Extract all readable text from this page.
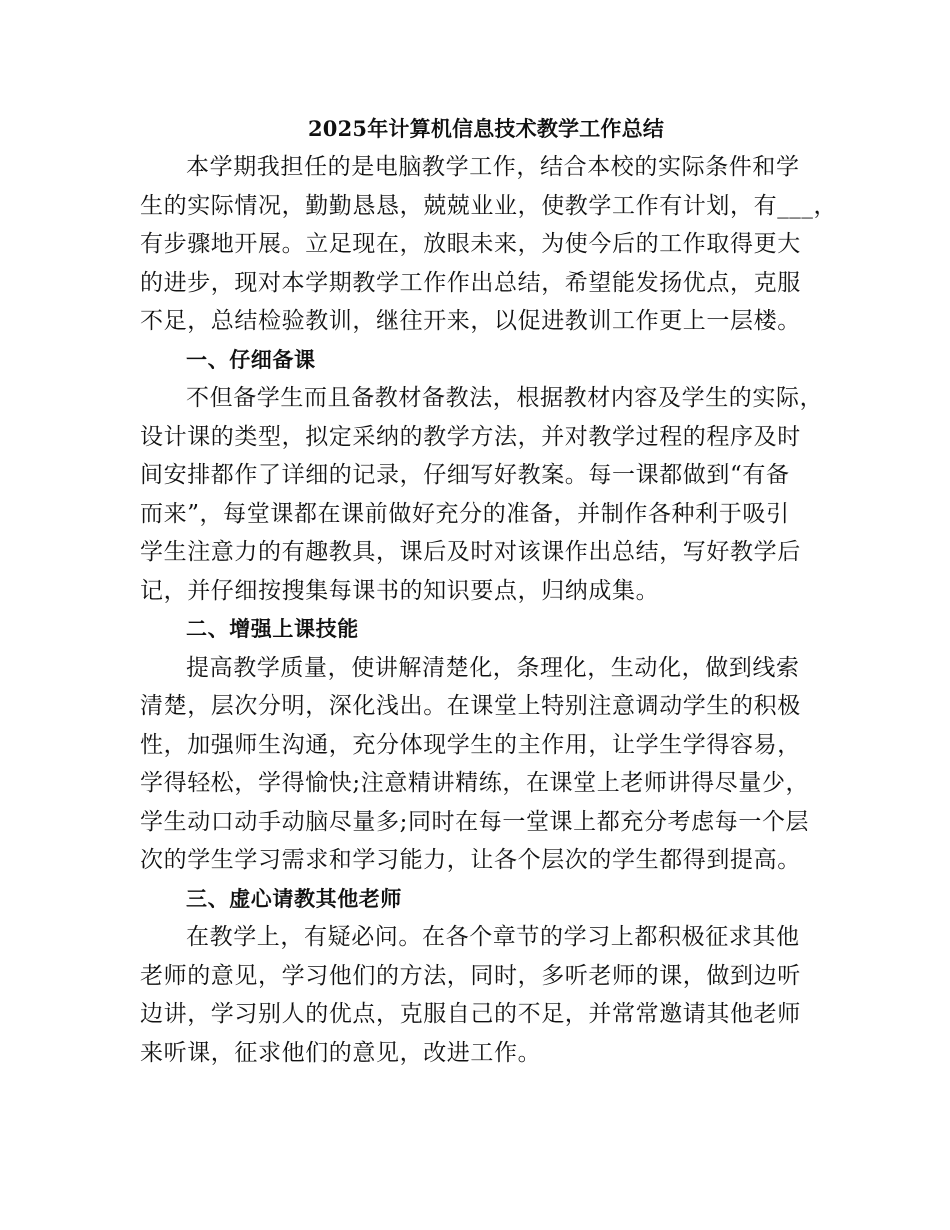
2025年计算机信息技术教学工作总结
本学期我担任的是电脑教学工作，结合本校的实际条件和学
生的实际情况，勤勤恳恳，兢兢业业，使教学工作有计划，有___，
有步骤地开展。立足现在，放眼未来，为使今后的工作取得更大
的进步，现对本学期教学工作作出总结，希望能发扬优点，克服
不足，总结检验教训，继往开来，以促进教训工作更上一层楼。
一、仔细备课
不但备学生而且备教材备教法，根据教材内容及学生的实际，
设计课的类型，拟定采纳的教学方法，并对教学过程的程序及时
间安排都作了详细的记录，仔细写好教案。每一课都做到“有备
而来”，每堂课都在课前做好充分的准备，并制作各种利于吸引
学生注意力的有趣教具，课后及时对该课作出总结，写好教学后
记，并仔细按搜集每课书的知识要点，归纳成集。
二、增强上课技能
提高教学质量，使讲解清楚化，条理化，生动化，做到线索
清楚，层次分明，深化浅出。在课堂上特别注意调动学生的积极
性，加强师生沟通，充分体现学生的主作用，让学生学得容易，
学得轻松，学得愉快;注意精讲精练，在课堂上老师讲得尽量少，
学生动口动手动脑尽量多;同时在每一堂课上都充分考虑每一个层
次的学生学习需求和学习能力，让各个层次的学生都得到提高。
三、虚心请教其他老师
在教学上，有疑必问。在各个章节的学习上都积极征求其他
老师的意见，学习他们的方法，同时，多听老师的课，做到边听
边讲，学习别人的优点，克服自己的不足，并常常邀请其他老师
来听课，征求他们的意见，改进工作。
